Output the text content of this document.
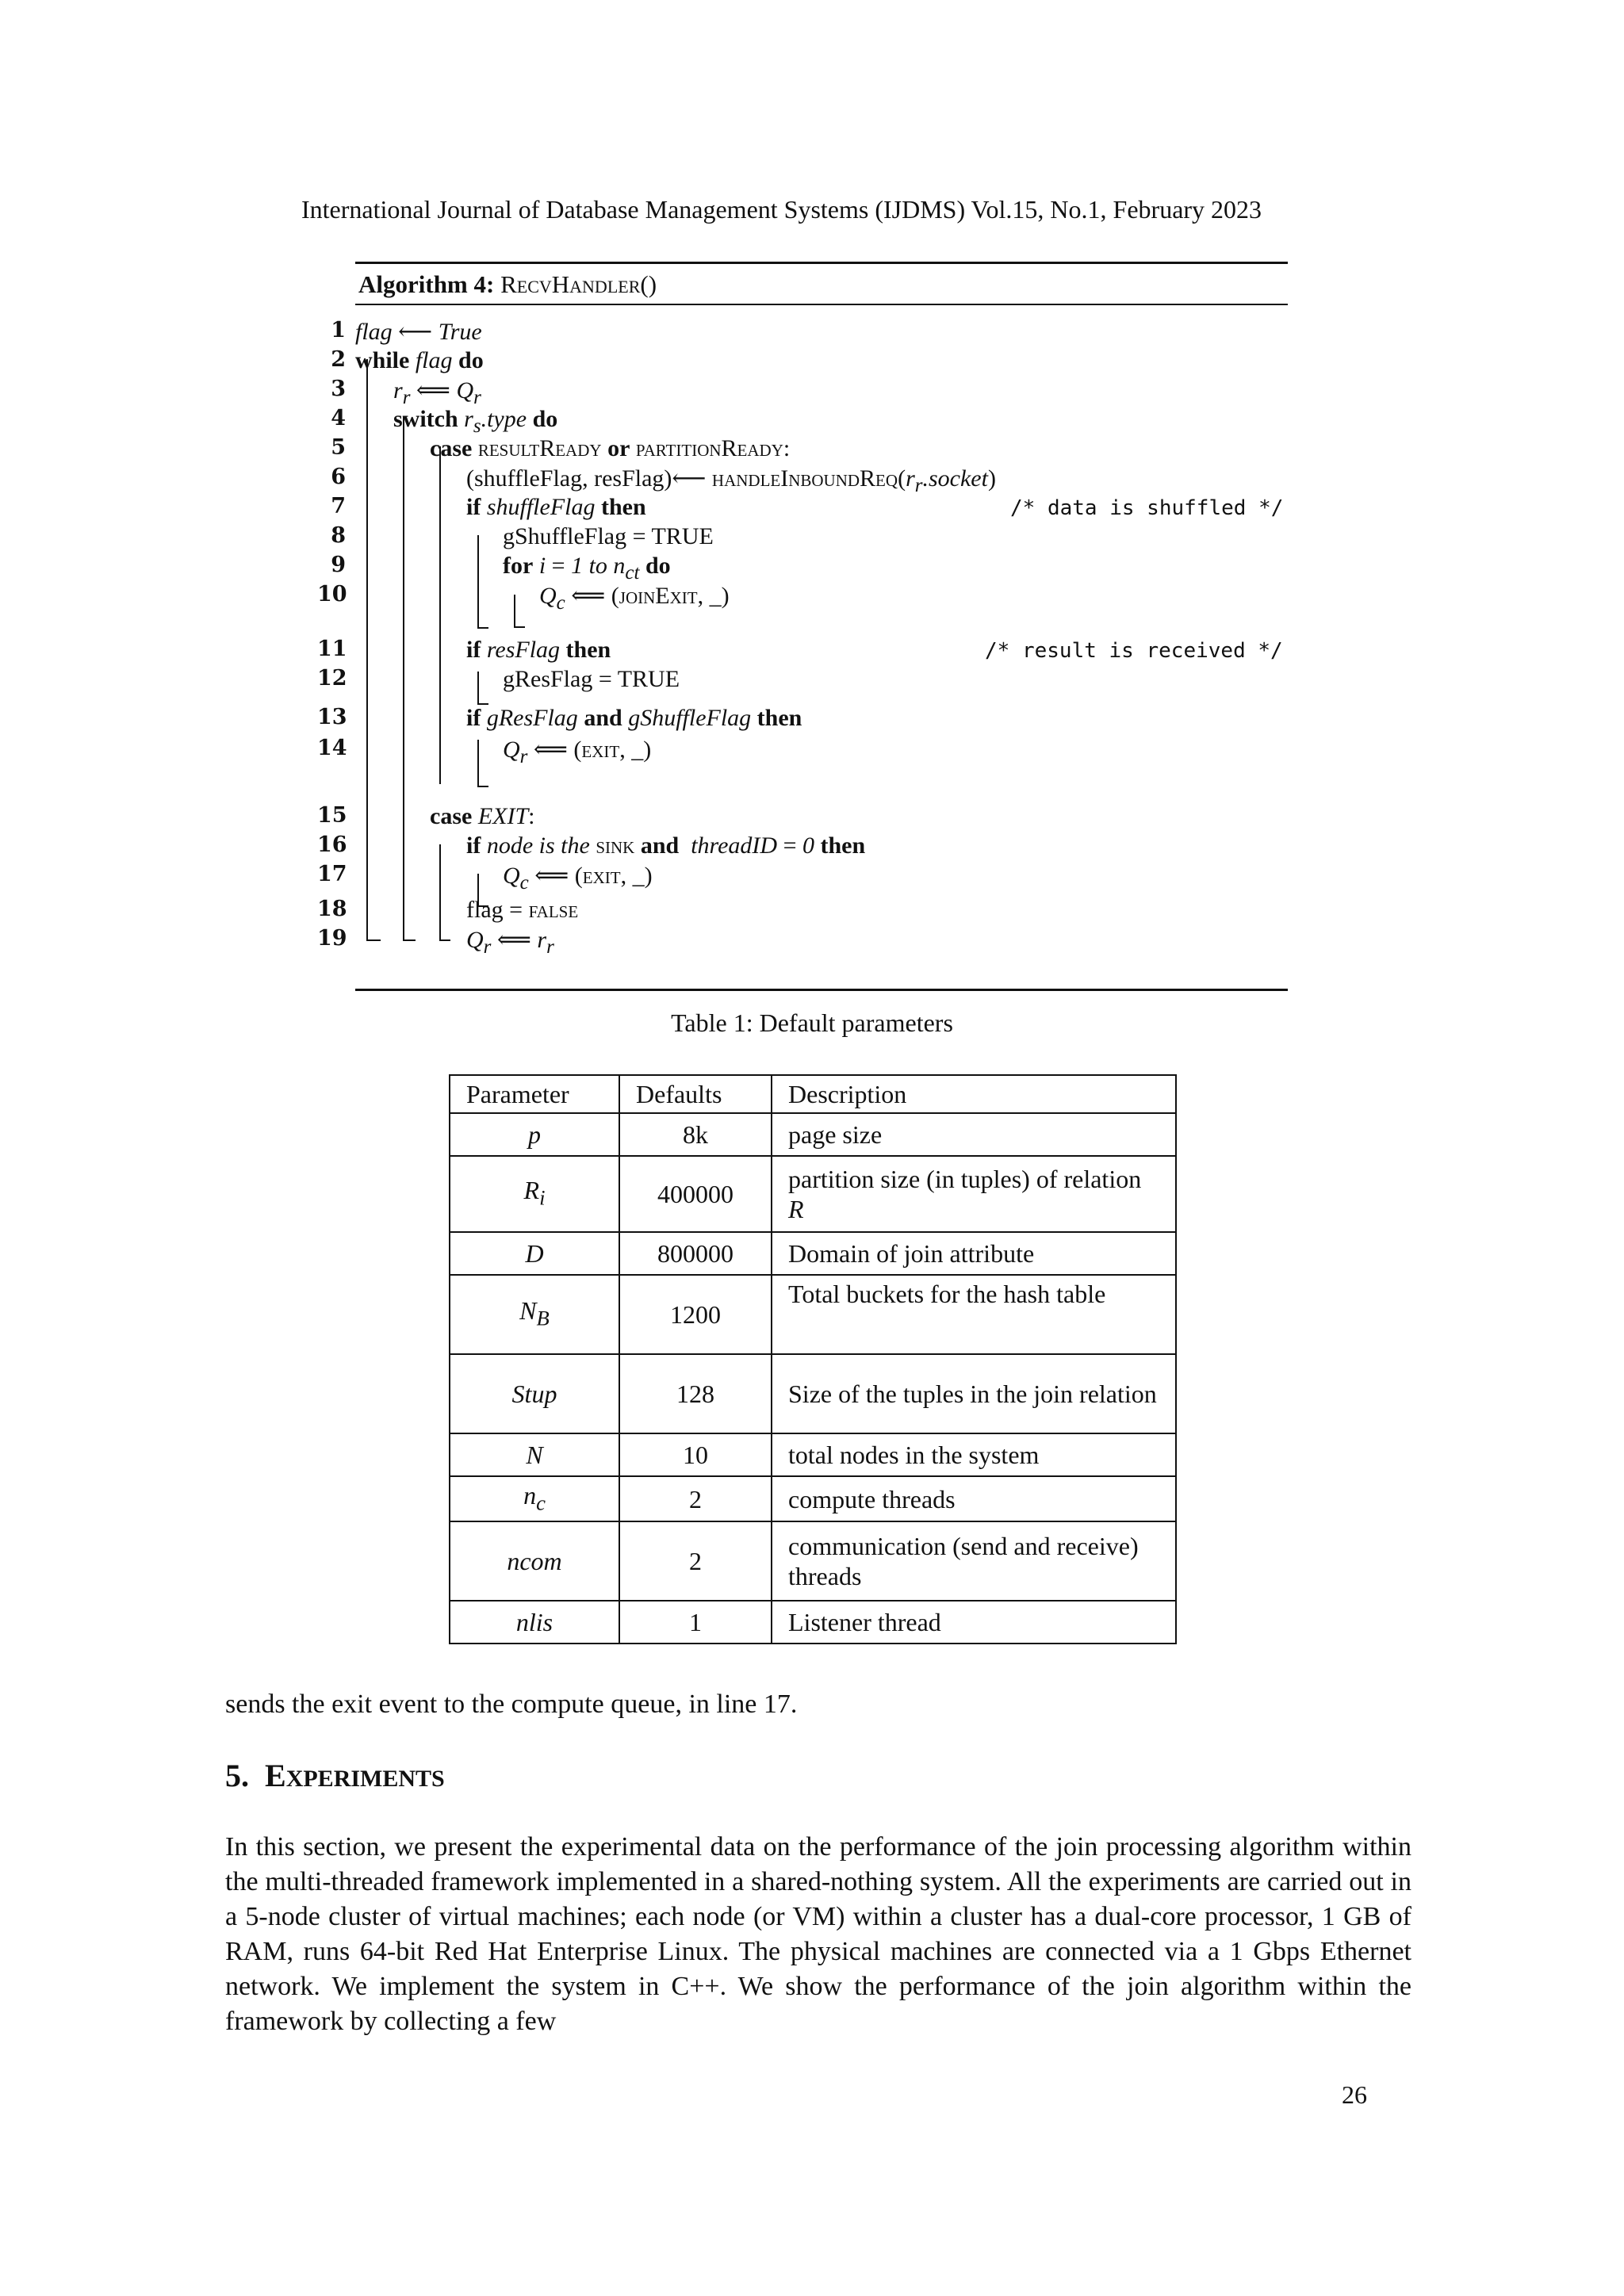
International Journal of Database Management Systems (IJDMS) Vol.15, No.1, February 2023
Algorithm 4: RecvHandler()
1 flag ⟵ True
2 while flag do
3 $r_r$ ⟸ $Q_r$
4 switch $r_s.type$ do
5	case resultReady or partitionReady:
6	(shuffleFlag, resFlag)⟵ $handleInboundReq(r_r.socket)$
7	if shuffleFlag then	/* data is shuffled */
8	gShuffleFlag = TRUE
9	for i = 1 to $n_{ct}$ do
10	$Q_c$ ⟸ (joinExit, _)
11	if resFlag then	/* result is received */
12	gResFlag = TRUE
13	if gResFlag and gShuffleFlag then
14	$Q_r$ ⟸ (exit, _)
15	case EXIT:
16	if node is the sink and threadID = 0 then
17	$Q_c$ ⟸ (exit, _)
18	flag = false
19	$Q_r$ ⟸ $r_r$
Table 1: Default parameters
Parameter	Defaults	Description
p	8k	page size
$R_i$	400000	partition size (in tuples) of relation R
D	800000	Domain of join attribute
$N_B$	1200	Total buckets for the hash table
Stup	128	Size of the tuples in the join relation
N	10	total nodes in the system
$n_c$	2	compute threads
ncom	2	communication (send and receive) threads
nlis	1	Listener thread
sends the exit event to the compute queue, in line 17.
5. EXPERIMENTS
In this section, we present the experimental data on the performance of the join processing algorithm within the multi-threaded framework implemented in a shared-nothing system. All the experiments are carried out in a 5-node cluster of virtual machines; each node (or VM) within a cluster has a dual-core processor, 1 GB of RAM, runs 64-bit Red Hat Enterprise Linux. The physical machines are connected via a 1 Gbps Ethernet network. We implement the system in C++. We show the performance of the join algorithm within the framework by collecting a few
26
